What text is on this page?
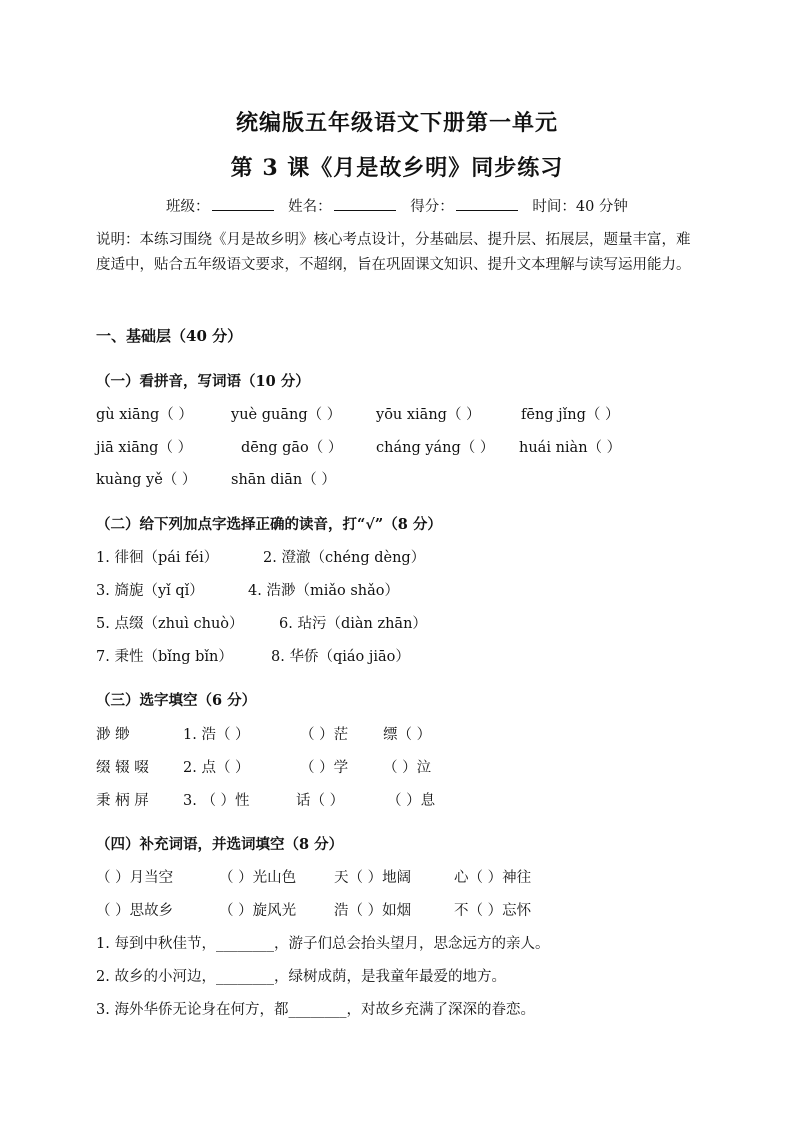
统编版五年级语文下册第一单元
第 3 课《月是故乡明》同步练习
班级：	姓名：	得分：	时间：40 分钟
说明：本练习围绕《月是故乡明》核心考点设计，分基础层、提升层、拓展层，题量丰富，难度适中，贴合五年级语文要求，不超纲，旨在巩固课文知识、提升文本理解与读写运用能力。
一、基础层（40 分）
（一）看拼音，写词语（10 分）
gù xiāng（ ）	yuè guāng（ ） yōu xiāng（ ）	fēng jǐng（ ）
jiā xiāng（ ）	dēng gāo（ ） cháng yáng（ ） huái niàn（ ）
kuàng yě（ ） shān diān（ ）
（二）给下列加点字选择正确的读音，打“√”（8 分）
1. 徘徊（pái féi）	2. 澄澈（chéng dèng）
3. 旖旎（yǐ qǐ）	4. 浩渺（miǎo shǎo）
5. 点缀（zhuì chuò） 6. 玷污（diàn zhān）
7. 秉性（bǐng bǐn）	8. 华侨（qiáo jiāo）
（三）选字填空（6 分）
渺 缈	1. 浩（ ）	（ ）茫 缥（ ）
缀 辍 啜 2. 点（ ）	（ ）学 （ ）泣
秉 柄 屏 3. （ ）性	话（ ）	（ ）息
（四）补充词语，并选词填空（8 分）
（ ）月当空	（ ）光山色	天（ ）地阔	心（ ）神往
（ ）思故乡	（ ）旋风光	浩（ ）如烟	不（ ）忘怀
1. 每到中秋佳节，________，游子们总会抬头望月，思念远方的亲人。
2. 故乡的小河边，________，绿树成荫，是我童年最爱的地方。
3. 海外华侨无论身在何方，都________，对故乡充满了深深的眷恋。
